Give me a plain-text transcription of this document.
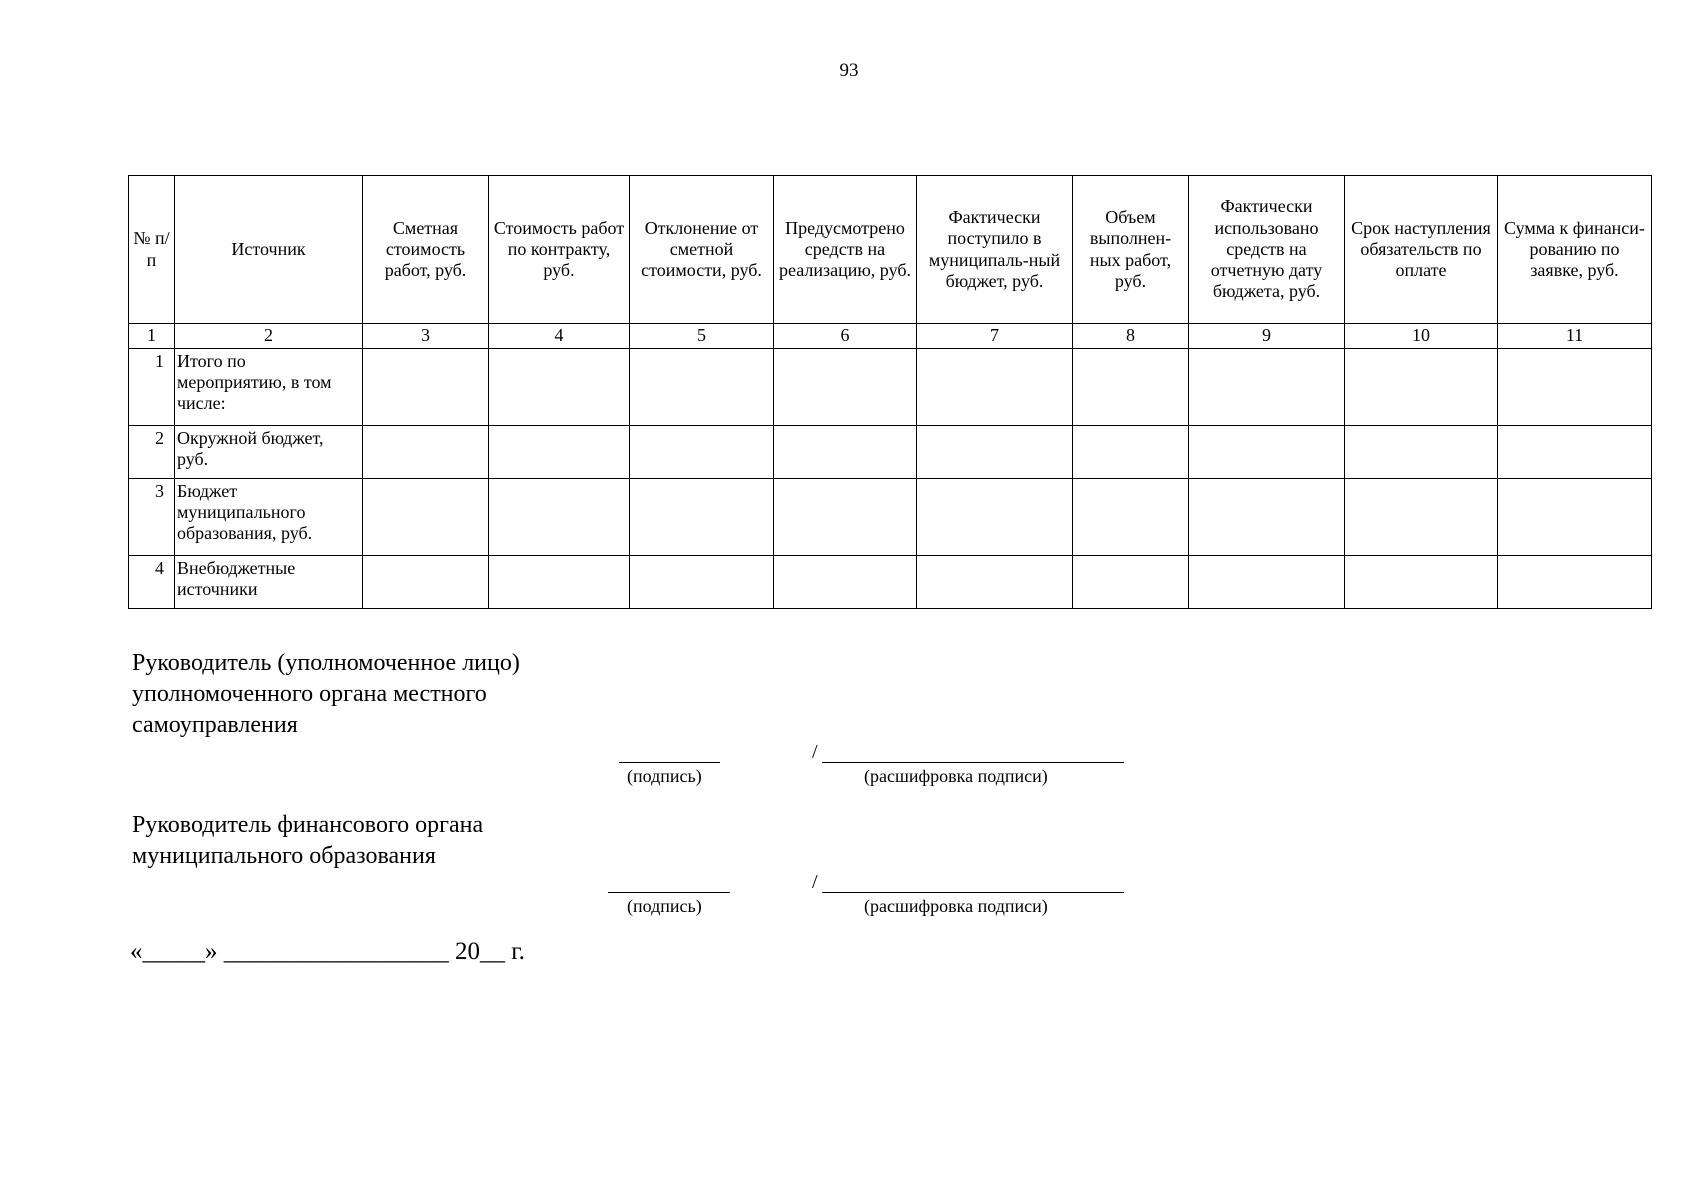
93
№ п/п	Источник	Сметная стоимость работ, руб.	Стоимость работ по контракту, руб.	Отклонение от сметной стоимости, руб.	Предусмотрено средств на реализацию, руб.	Фактически поступило в муниципаль-ный бюджет, руб.	Объем выполнен-ных работ, руб.	Фактически использовано средств на отчетную дату бюджета, руб.	Срок наступления обязательств по оплате	Сумма к финанси-рованию по заявке, руб.
1	2	3	4	5	6	7	8	9	10	11
1	Итого по мероприятию, в том числе:									
2	Окружной бюджет, руб.									
3	Бюджет муниципального образования, руб.									
4	Внебюджетные источники									
Руководитель (уполномоченное лицо) уполномоченного органа местного самоуправления
/
(подпись)	(расшифровка подписи)
Руководитель финансового органа муниципального образования
/
(подпись)	(расшифровка подписи)
«_____» __________________ 20__ г.
